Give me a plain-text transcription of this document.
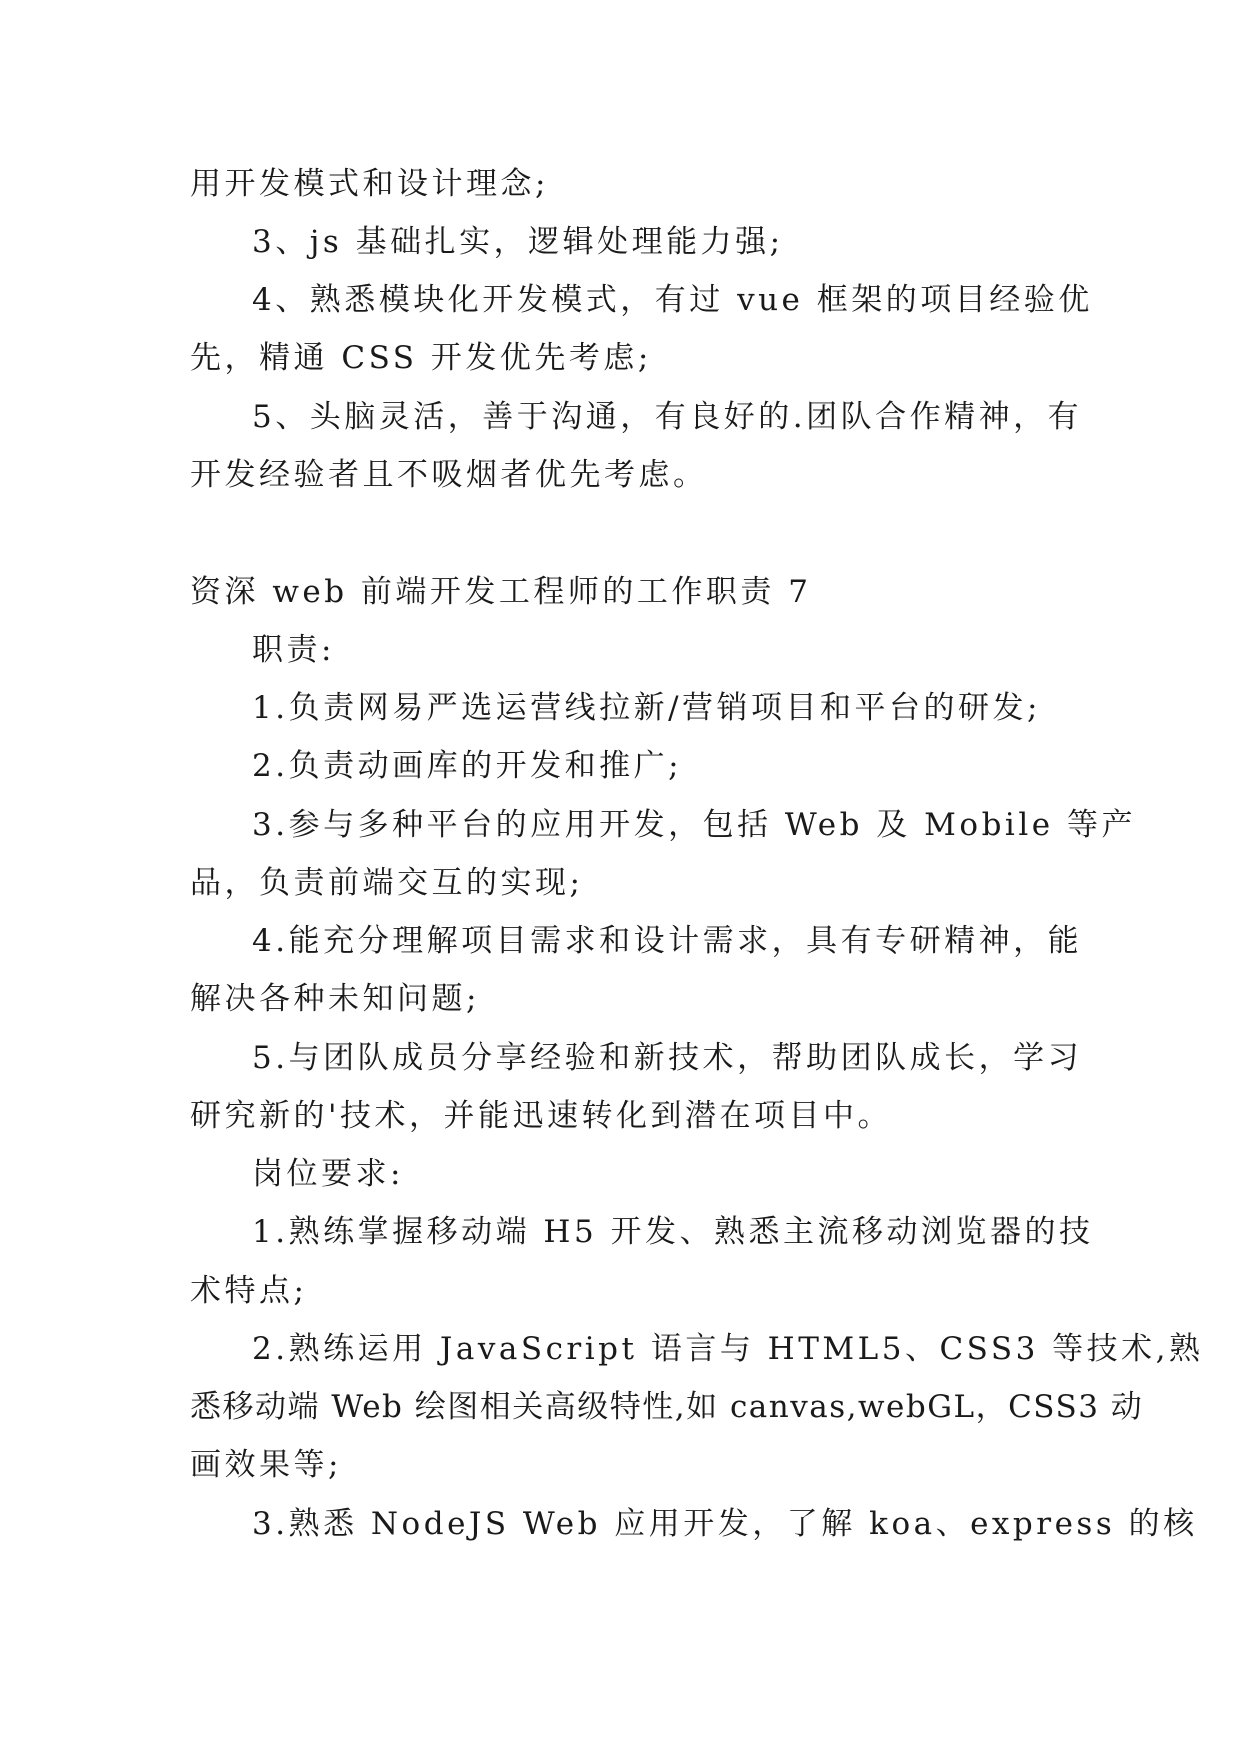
用开发模式和设计理念;
3、js 基础扎实，逻辑处理能力强;
4、熟悉模块化开发模式，有过 vue 框架的项目经验优
先，精通 CSS 开发优先考虑;
5、头脑灵活，善于沟通，有良好的.团队合作精神，有
开发经验者且不吸烟者优先考虑。
资深 web 前端开发工程师的工作职责 7
职责:
1.负责网易严选运营线拉新/营销项目和平台的研发;
2.负责动画库的开发和推广;
3.参与多种平台的应用开发，包括 Web 及 Mobile 等产
品，负责前端交互的实现;
4.能充分理解项目需求和设计需求，具有专研精神，能
解决各种未知问题;
5.与团队成员分享经验和新技术，帮助团队成长，学习
研究新的'技术，并能迅速转化到潜在项目中。
岗位要求:
1.熟练掌握移动端 H5 开发、熟悉主流移动浏览器的技
术特点;
2.熟练运用 JavaScript 语言与 HTML5、CSS3 等技术,熟
悉移动端 Web 绘图相关高级特性,如 canvas,webGL，CSS3 动
画效果等;
3.熟悉 NodeJS Web 应用开发，了解 koa、express 的核
